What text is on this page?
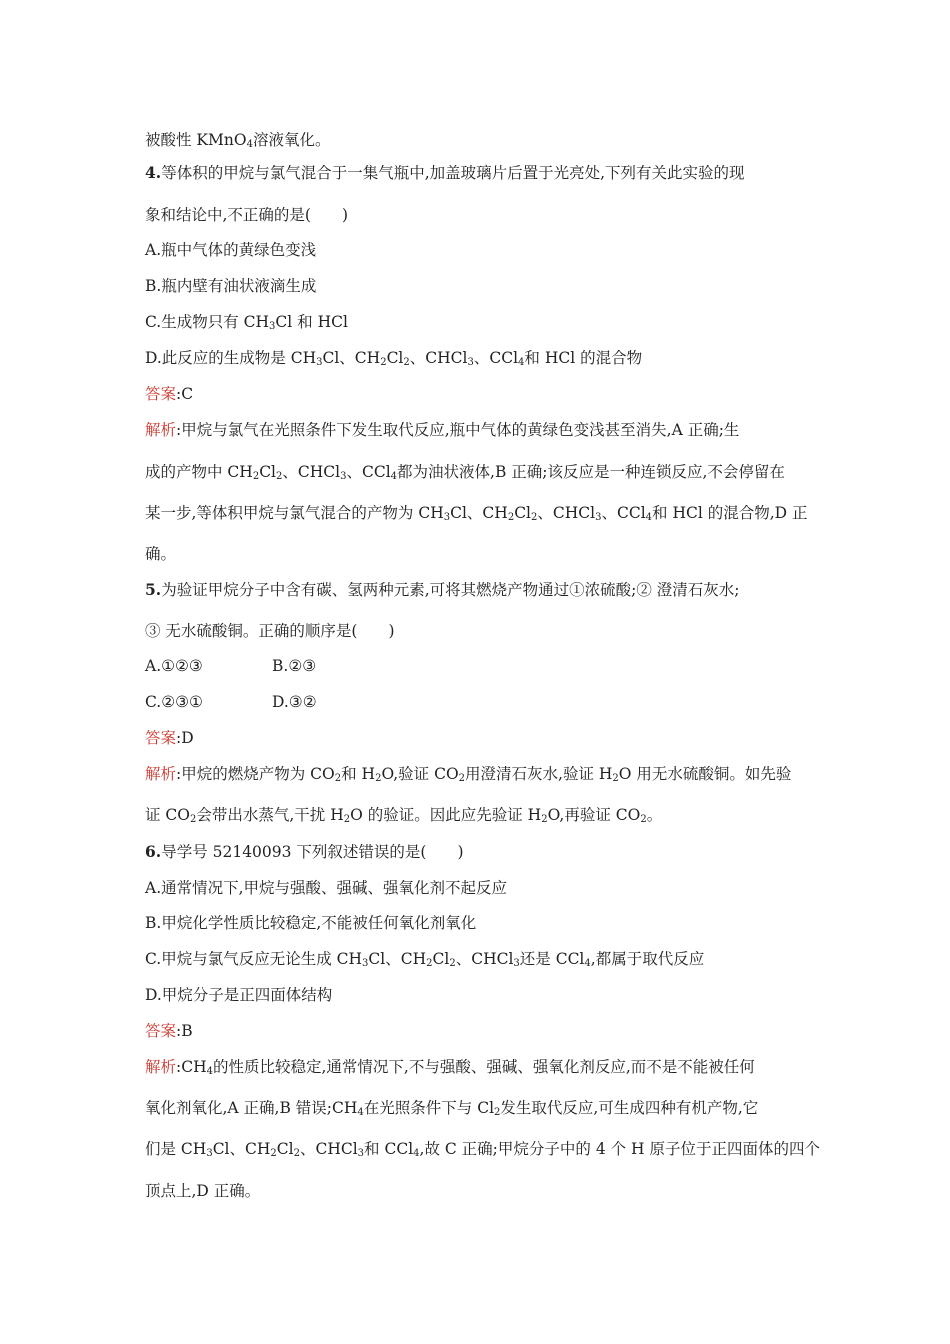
被酸性 KMnO$_4$溶液氧化。
4.等体积的甲烷与氯气混合于一集气瓶中,加盖玻璃片后置于光亮处,下列有关此实验的现
象和结论中,不正确的是(　　)
A.瓶中气体的黄绿色变浅
B.瓶内壁有油状液滴生成
C.生成物只有 $CH_3Cl$ 和 HCl
D.此反应的生成物是 $CH_3Cl$、$CH_2Cl_2$、CHCl$_3$、CCl$_4$和 HCl 的混合物
答案:C
解析:甲烷与氯气在光照条件下发生取代反应,瓶中气体的黄绿色变浅甚至消失,A 正确;生
成的产物中 $CH_2Cl_2$、CHCl$_3$、CCl$_4$都为油状液体,B 正确;该反应是一种连锁反应,不会停留在
某一步,等体积甲烷与氯气混合的产物为 $CH_3Cl$、$CH_2Cl_2$、CHCl$_3$、CCl$_4$和 HCl 的混合物,D 正
确。
5.为验证甲烷分子中含有碳、氢两种元素,可将其燃烧产物通过①浓硫酸;② 澄清石灰水;
③ 无水硫酸铜。正确的顺序是(　　)
A.①②③	B.②③
C.②③①	D.③②
答案:D
解析:甲烷的燃烧产物为 $CO_2$和 $H_2O$,验证 $CO_2$用澄清石灰水,验证 $H_2O$ 用无水硫酸铜。如先验
证 $CO_2$会带出水蒸气,干扰 $H_2O$ 的验证。因此应先验证 $H_2O$,再验证 $CO_2$。
6.导学号 52140093 下列叙述错误的是(　　)
A.通常情况下,甲烷与强酸、强碱、强氧化剂不起反应
B.甲烷化学性质比较稳定,不能被任何氧化剂氧化
C.甲烷与氯气反应无论生成 $CH_3Cl$、$CH_2Cl_2$、CHCl$_3$还是 CCl$_4$,都属于取代反应
D.甲烷分子是正四面体结构
答案:B
解析$:CH_4$的性质比较稳定,通常情况下,不与强酸、强碱、强氧化剂反应,而不是不能被任何
氧化剂氧化,A 正确,B 错误$;CH_4$在光照条件下与 $Cl_2$发生取代反应,可生成四种有机产物,它
们是 $CH_3Cl$、$CH_2Cl_2$、CHCl$_3$和 CCl$_4$,故 C 正确;甲烷分子中的 4 个 H 原子位于正四面体的四个
顶点上,D 正确。
